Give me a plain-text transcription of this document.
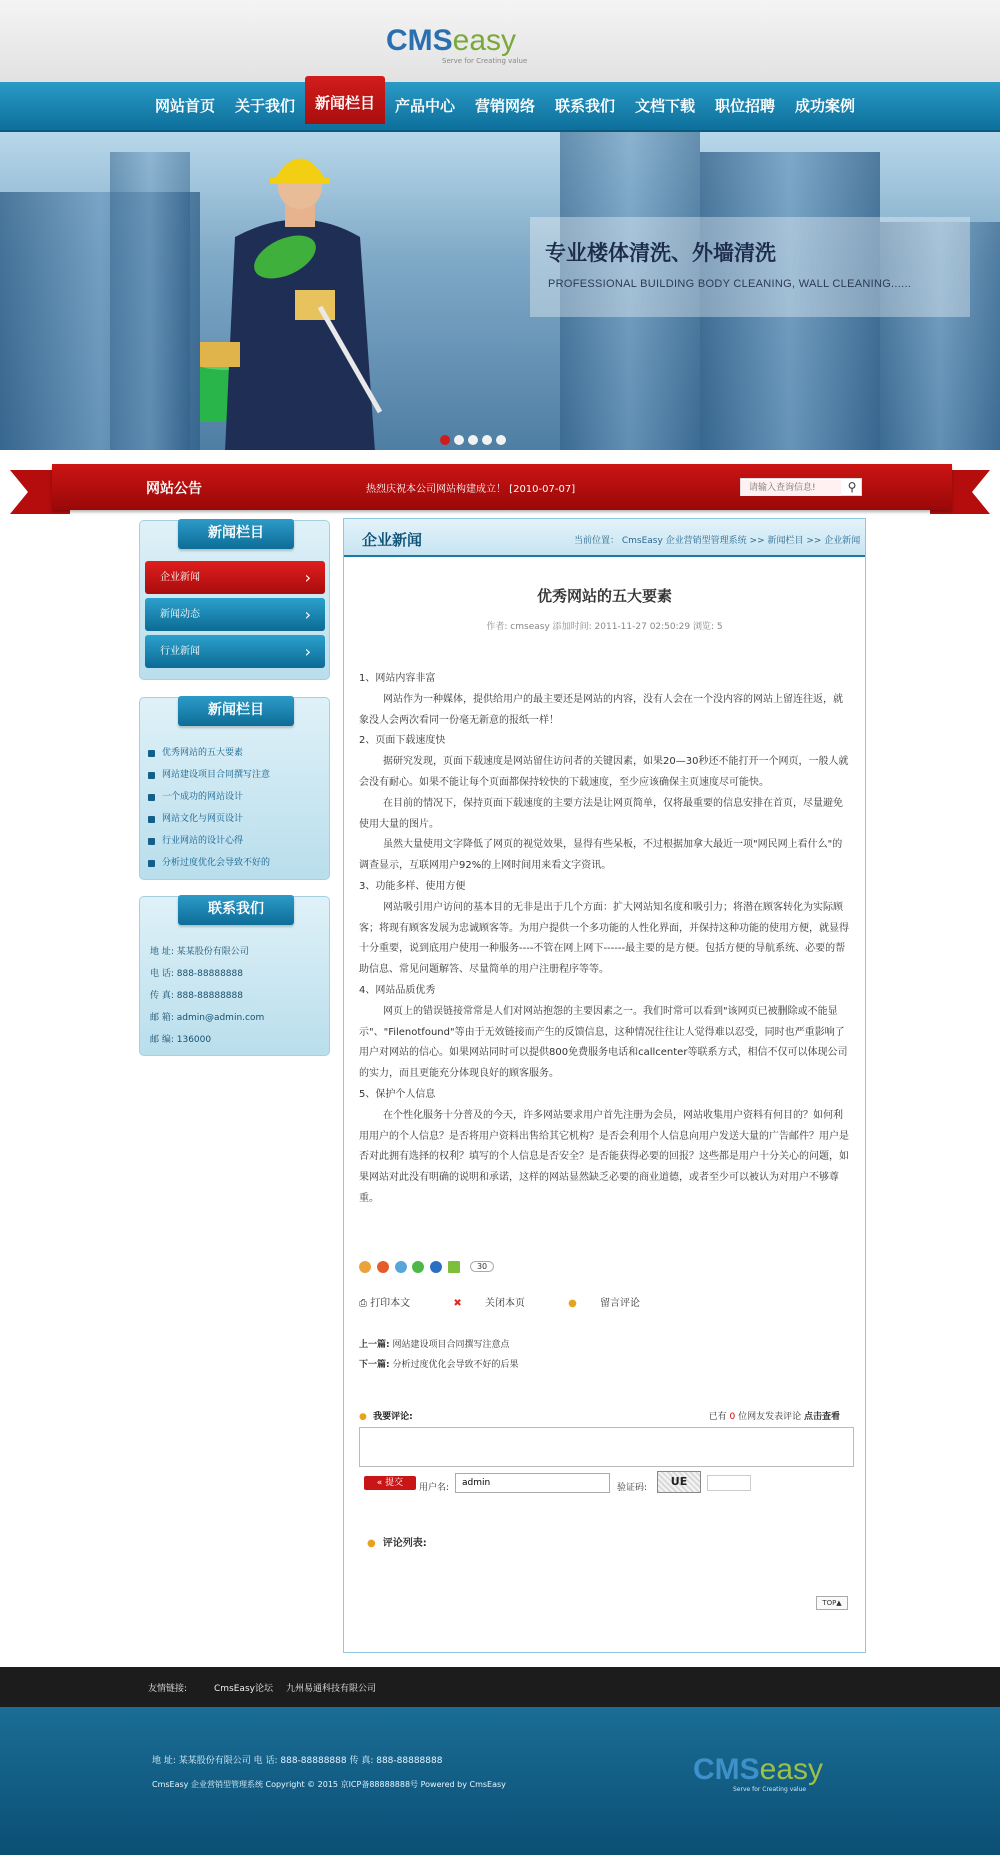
CMSeasy
Serve for Creating value
网站首页	关于我们	新闻栏目	产品中心	营销网络	联系我们	文档下载	职位招聘	成功案例
专业楼体清洗、外墙清洗
PROFESSIONAL BUILDING BODY CLEANING, WALL CLEANING......
网站公告	热烈庆祝本公司网站构建成立！ [2010-07-07]
请输入查询信息!	⚲
新闻栏目
企业新闻	›
新闻动态	›
行业新闻	›
新闻栏目
优秀网站的五大要素
网站建设项目合同撰写注意
一个成功的网站设计
网站文化与网页设计
行业网站的设计心得
分析过度优化会导致不好的
联系我们
地 址: 某某股份有限公司
电 话: 888-88888888
传 真: 888-88888888
邮 箱: admin@admin.com
邮 编: 136000
企业新闻	当前位置： CmsEasy 企业营销型管理系统 >> 新闻栏目 >> 企业新闻
优秀网站的五大要素
作者: cmseasy 添加时间: 2011-11-27 02:50:29 浏览: 5

1、网站内容非富

网站作为一种媒体，提供给用户的最主要还是网站的内容，没有人会在一个没内容的网站上留连往返，就象没人会两次看同一份毫无新意的报纸一样！

2、页面下载速度快

据研究发现，页面下载速度是网站留住访问者的关键因素，如果20—30秒还不能打开一个网页，一般人就会没有耐心。如果不能让每个页面都保持较快的下载速度，至少应该确保主页速度尽可能快。

在目前的情况下，保持页面下载速度的主要方法是让网页简单，仅将最重要的信息安排在首页，尽量避免使用大量的图片。

虽然大量使用文字降低了网页的视觉效果，显得有些呆板，不过根据加拿大最近一项"网民网上看什么"的调查显示，互联网用户92%的上网时间用来看文字资讯。

3、功能多样、使用方便

网站吸引用户访问的基本目的无非是出于几个方面：扩大网站知名度和吸引力；将潜在顾客转化为实际顾客；将现有顾客发展为忠诚顾客等。为用户提供一个多功能的人性化界面，并保持这种功能的使用方便，就显得十分重要，说到底用户使用一种服务----不管在网上网下------最主要的是方便。包括方便的导航系统、必要的帮助信息、常见问题解答、尽量简单的用户注册程序等等。

4、网站品质优秀

网页上的错误链接常常是人们对网站抱怨的主要因素之一。我们时常可以看到"该网页已被删除或不能显示"、"Filenotfound"等由于无效链接而产生的反馈信息，这种情况往往让人觉得难以忍受，同时也严重影响了用户对网站的信心。如果网站同时可以提供800免费服务电话和callcenter等联系方式，相信不仅可以体现公司的实力，而且更能充分体现良好的顾客服务。

5、保护个人信息

在个性化服务十分普及的今天，许多网站要求用户首先注册为会员，网站收集用户资料有何目的？如何利用用户的个人信息？是否将用户资料出售给其它机构？是否会利用个人信息向用户发送大量的广告邮件？用户是否对此拥有选择的权利？填写的个人信息是否安全？是否能获得必要的回报？这些都是用户十分关心的问题，如果网站对此没有明确的说明和承诺，这样的网站显然缺乏必要的商业道德，或者至少可以被认为对用户不够尊重。

30
⎙ 打印本文	✖ 关闭本页	● 留言评论
上一篇: 网站建设项目合同撰写注意点
下一篇: 分析过度优化会导致不好的后果
● 我要评论:	已有 0 位网友发表评论 点击查看
« 提交	用户名:
admin	验证码:	UE
● 评论列表:
TOP▲
友情链接:	CmsEasy论坛 九州易通科技有限公司
地 址: 某某股份有限公司 电 话: 888-88888888 传 真: 888-88888888
CmsEasy 企业营销型管理系统 Copyright © 2015 京ICP备88888888号 Powered by CmsEasy	CMSeasy
Serve for Creating value
